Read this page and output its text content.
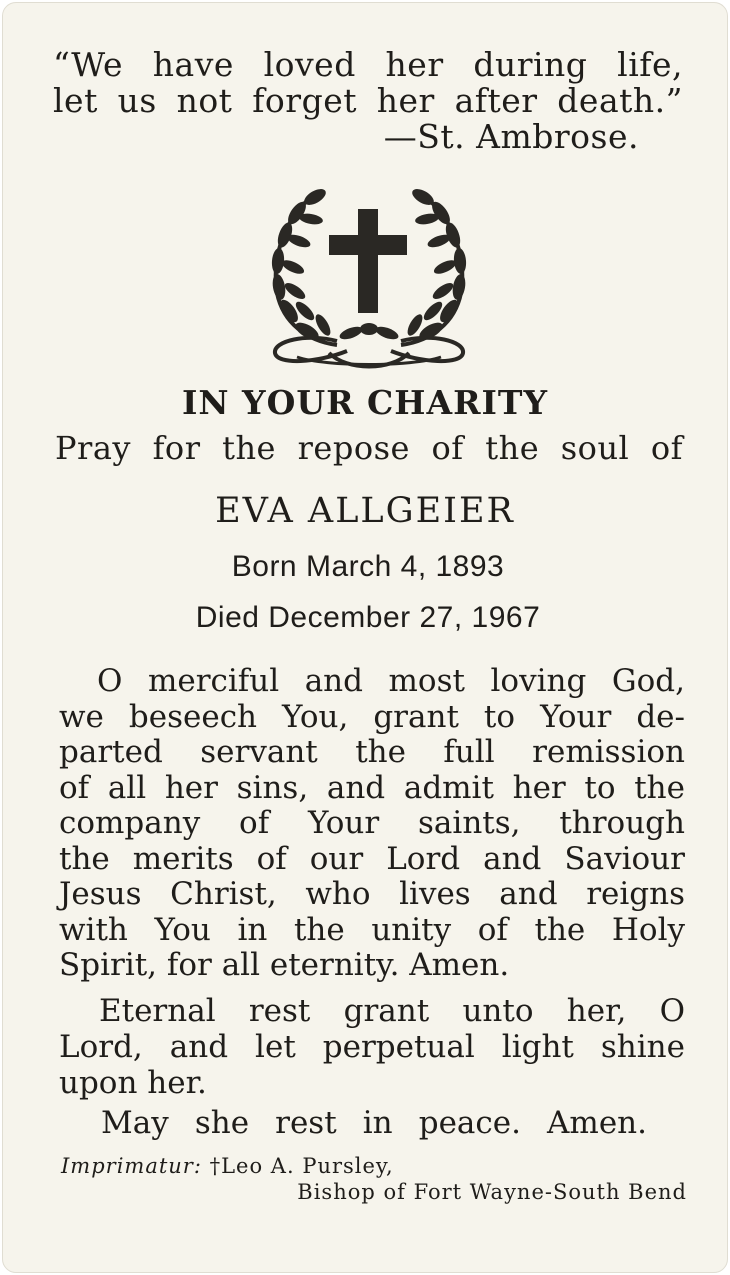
“We have loved her during life,
let us not forget her after death.”
—St. Ambrose.
IN YOUR CHARITY
Pray for the repose of the soul of
EVA ALLGEIER
Born March 4, 1893
Died December 27, 1967
O merciful and most loving God,
we beseech You, grant to Your de-
parted servant the full remission
of all her sins, and admit her to the
company of Your saints, through
the merits of our Lord and Saviour
Jesus Christ, who lives and reigns
with You in the unity of the Holy
Spirit, for all eternity. Amen.
Eternal rest grant unto her, O
Lord, and let perpetual light shine
upon her.
May she rest in peace. Amen.
Imprimatur: †Leo A. Pursley,
Bishop of Fort Wayne-South Bend
